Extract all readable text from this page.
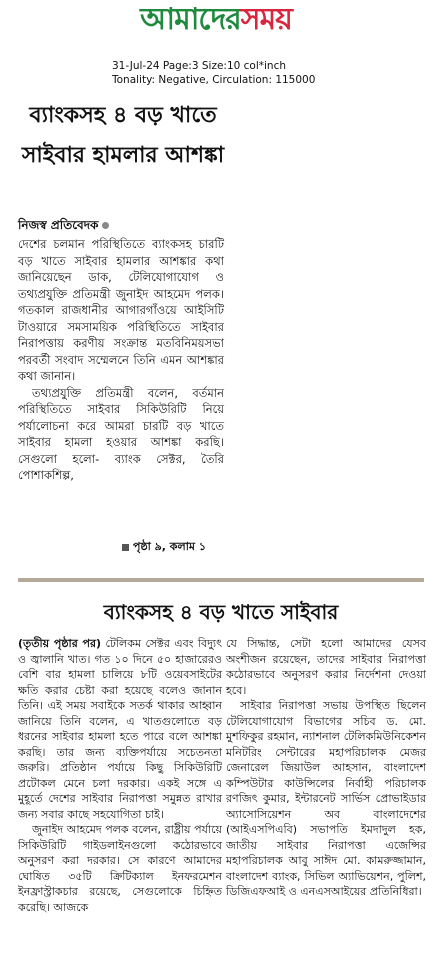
আমাদেরসময়
31-Jul-24 Page:3 Size:10 col*inch
Tonality: Negative, Circulation: 115000
ব্যাংকসহ ৪ বড় খাতে সাইবার হামলার আশঙ্কা
নিজস্ব প্রতিবেদক

দেশের চলমান পরিস্থিতিতে ব্যাংকসহ চারটি বড় খাতে সাইবার হামলার আশঙ্কার কথা জানিয়েছেন ডাক, টেলিযোগাযোগ ও তথ্যপ্রযুক্তি প্রতিমন্ত্রী জুনাইদ আহমেদ পলক। গতকাল রাজধানীর আগারগাঁওয়ে আইসিটি টাওয়ারে সমসাময়িক পরিস্থিতিতে সাইবার নিরাপত্তায় করণীয় সংক্রান্ত মতবিনিময়সভা পরবর্তী সংবাদ সম্মেলনে তিনি এমন আশঙ্কার কথা জানান।

তথ্যপ্রযুক্তি প্রতিমন্ত্রী বলেন, বর্তমান পরিস্থিতিতে সাইবার সিকিউরিটি নিয়ে পর্যালোচনা করে আমরা চারটি বড় খাতে সাইবার হামলা হওয়ার আশঙ্কা করছি। সেগুলো হলো- ব্যাংক সেক্টর, তৈরি পোশাকশিল্প,

পৃষ্ঠা ৯, কলাম ১
ব্যাংকসহ ৪ বড় খাতে সাইবার

(তৃতীয় পৃষ্ঠার পর) টেলিকম সেক্টর এবং বিদ্যুৎ ও জ্বালানি খাত। গত ১০ দিনে ৫০ হাজারেরও বেশি বার হামলা চালিয়ে ৮টি ওয়েবসাইটের ক্ষতি করার চেষ্টা করা হয়েছে বলেও জানান তিনি। এই সময় সবাইকে সতর্ক থাকার আহ্বান জানিয়ে তিনি বলেন, এ খাতগুলোতে বড় ধরনের সাইবার হামলা হতে পারে বলে আশঙ্কা করছি। তার জন্য ব্যক্তিপর্যায়ে সচেতনতা জরুরি। প্রতিষ্ঠান পর্যায়ে কিছু সিকিউরিটি প্রটোকল মেনে চলা দরকার। একই সঙ্গে এ মুহূর্তে দেশের সাইবার নিরাপত্তা সমুন্নত রাখার জন্য সবার কাছে সহযোগিতা চাই।

জুনাইদ আহমেদ পলক বলেন, রাষ্ট্রীয় পর্যায়ে সিকিউরিটি গাইডলাইনগুলো কঠোরভাবে অনুসরণ করা দরকার। সে কারণে আমাদের ঘোষিত ৩৫টি ক্রিটিক্যাল ইনফরমেশন ইনফ্রাস্ট্রাকচার রয়েছে, সেগুলোকে চিহ্নিত করেছি। আজকে

যে সিদ্ধান্ত, সেটা হলো আমাদের যেসব অংশীজন রয়েছেন, তাদের সাইবার নিরাপত্তা কঠোরভাবে অনুসরণ করার নির্দেশনা দেওয়া হবে।

সাইবার নিরাপত্তা সভায় উপস্থিত ছিলেন টেলিযোগাযোগ বিভাগের সচিব ড. মো. মুশফিকুর রহমান, ন্যাশনাল টেলিকমিউনিকেশন মনিটরিং সেন্টারের মহাপরিচালক মেজর জেনারেল জিয়াউল আহসান, বাংলাদেশ কম্পিউটার কাউন্সিলের নির্বাহী পরিচালক রণজিৎ কুমার, ইন্টারনেট সার্ভিস প্রোভাইডার অ্যাসোসিয়েশন অব বাংলাদেশের (আইএসপিএবি) সভাপতি ইমদাদুল হক, জাতীয় সাইবার নিরাপত্তা এজেন্সির মহাপরিচালক আবু সাঈদ মো. কামরুজ্জামান, বাংলাদেশ ব্যাংক, সিভিল অ্যাভিয়েশন, পুলিশ, ডিজিএফআই ও এনএসআইয়ের প্রতিনিধিরা।
